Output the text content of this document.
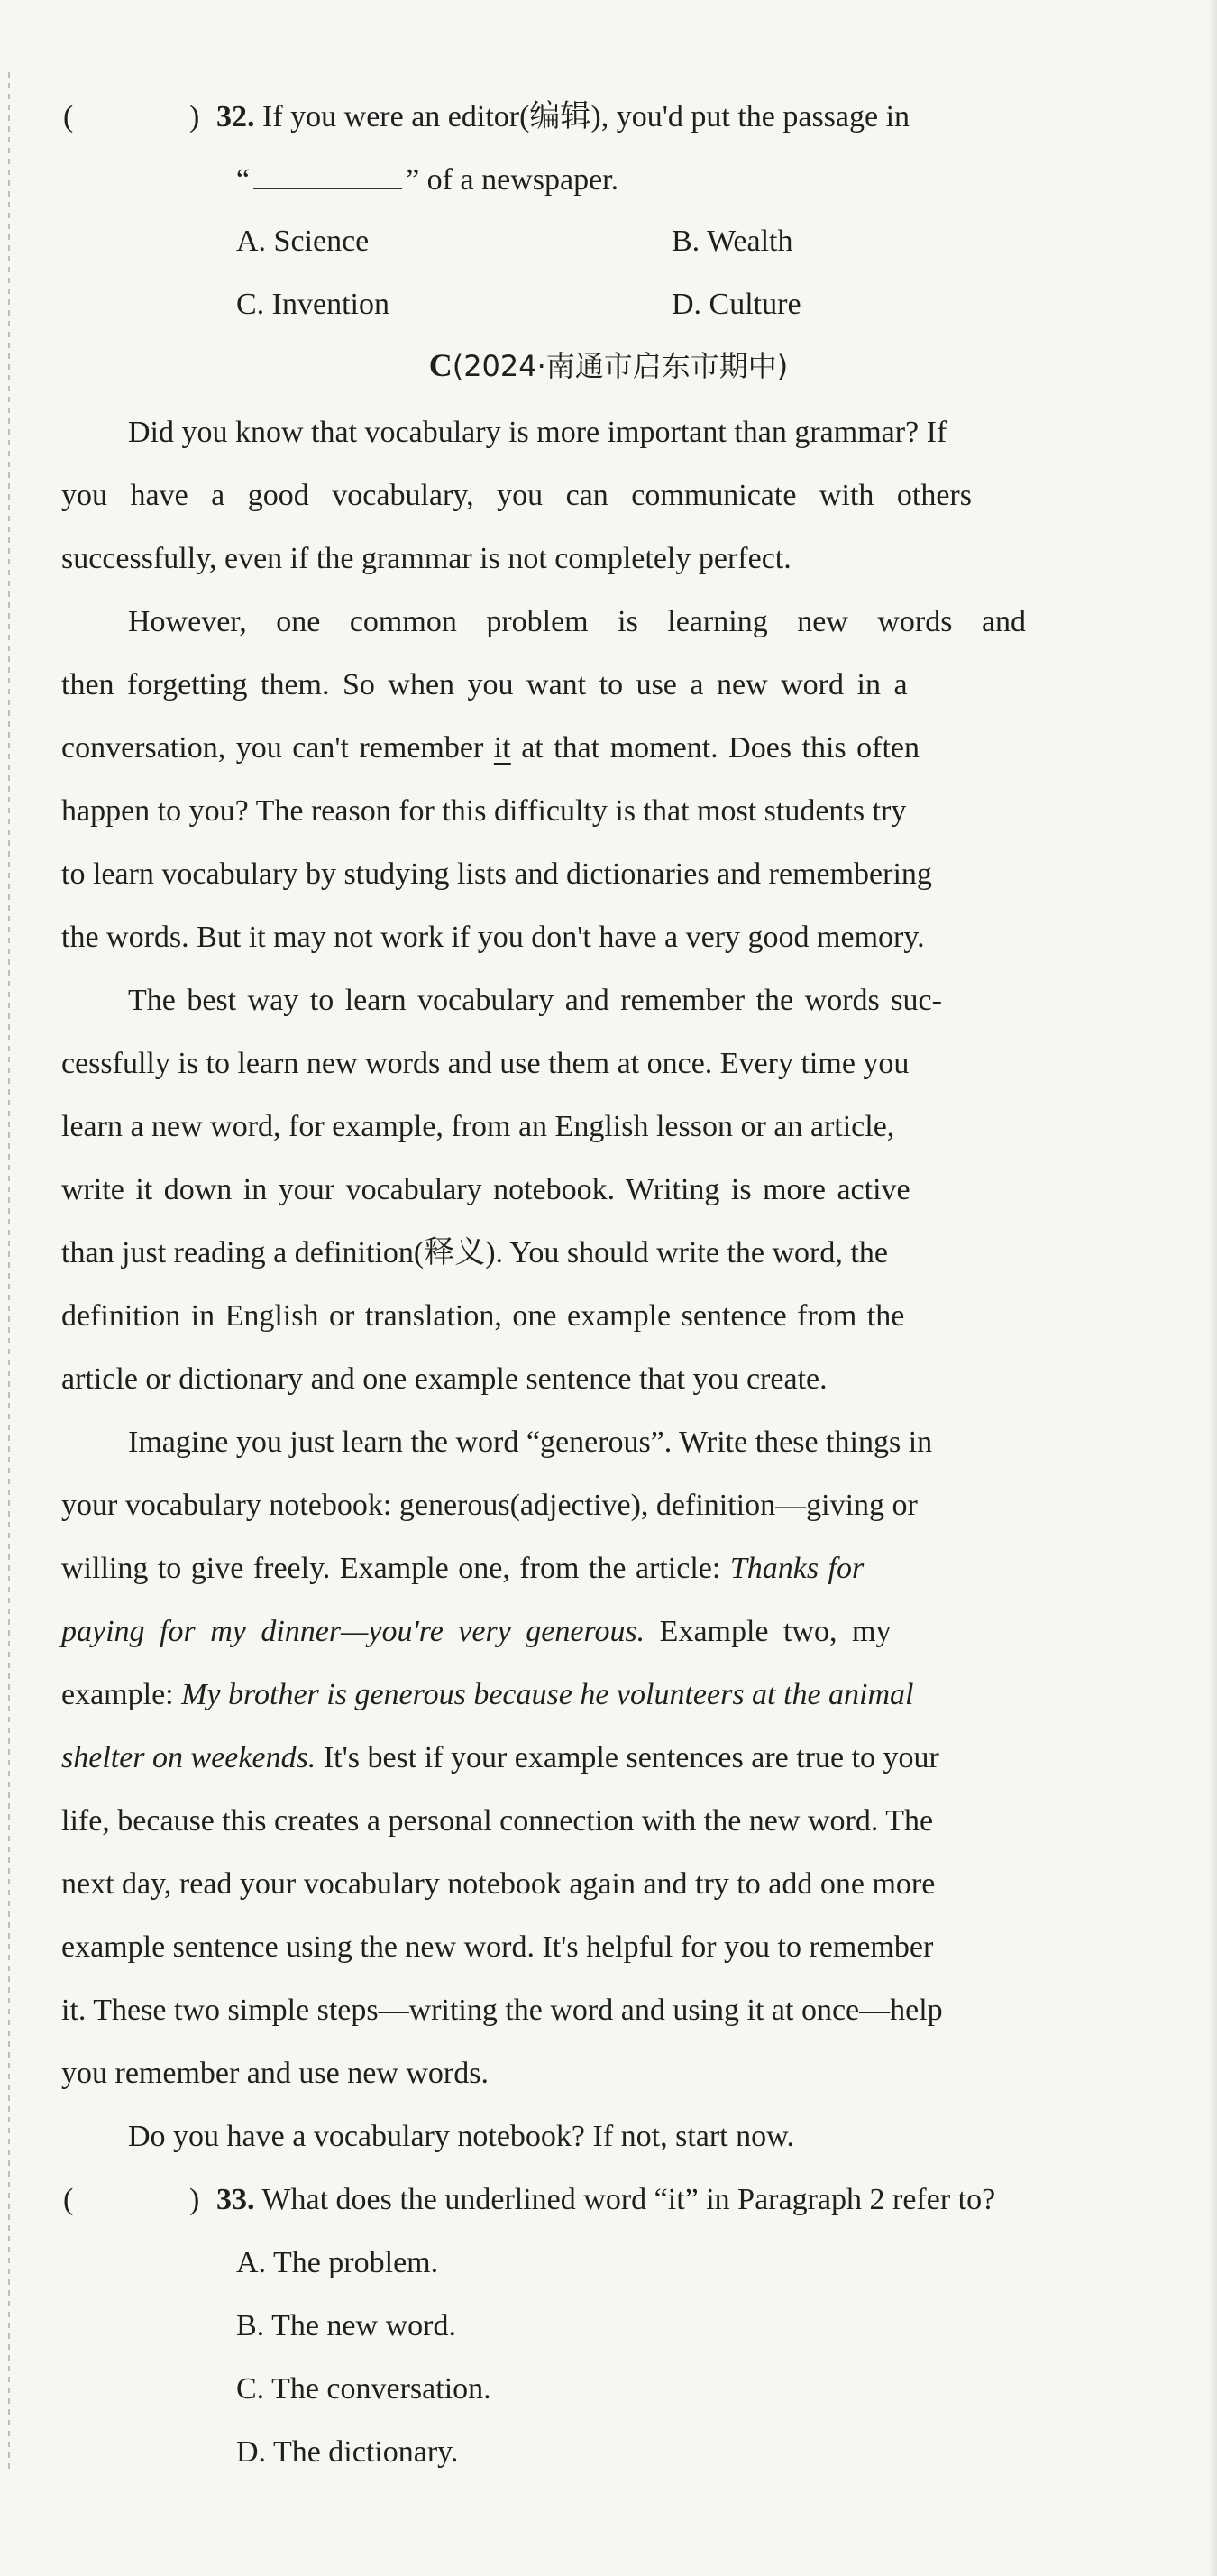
(	) 32. If you were an editor(编辑), you'd put the passage in
“	” of a newspaper.
A. Science	B. Wealth
C. Invention	D. Culture
C(2024·南通市启东市期中)
Did you know that vocabulary is more important than grammar? If
you have a good vocabulary, you can communicate with others
successfully, even if the grammar is not completely perfect.
However, one common problem is learning new words and
then forgetting them. So when you want to use a new word in a
conversation, you can't remember it at that moment. Does this often
happen to you? The reason for this difficulty is that most students try
to learn vocabulary by studying lists and dictionaries and remembering
the words. But it may not work if you don't have a very good memory.
The best way to learn vocabulary and remember the words suc-
cessfully is to learn new words and use them at once. Every time you
learn a new word, for example, from an English lesson or an article,
write it down in your vocabulary notebook. Writing is more active
than just reading a definition(释义). You should write the word, the
definition in English or translation, one example sentence from the
article or dictionary and one example sentence that you create.
Imagine you just learn the word “generous”. Write these things in
your vocabulary notebook: generous(adjective), definition—giving or
willing to give freely. Example one, from the article: Thanks for
paying for my dinner—you're very generous. Example two, my
example: My brother is generous because he volunteers at the animal
shelter on weekends. It's best if your example sentences are true to your
life, because this creates a personal connection with the new word. The
next day, read your vocabulary notebook again and try to add one more
example sentence using the new word. It's helpful for you to remember
it. These two simple steps—writing the word and using it at once—help
you remember and use new words.
Do you have a vocabulary notebook? If not, start now.
(	) 33. What does the underlined word “it” in Paragraph 2 refer to?
A. The problem.
B. The new word.
C. The conversation.
D. The dictionary.
